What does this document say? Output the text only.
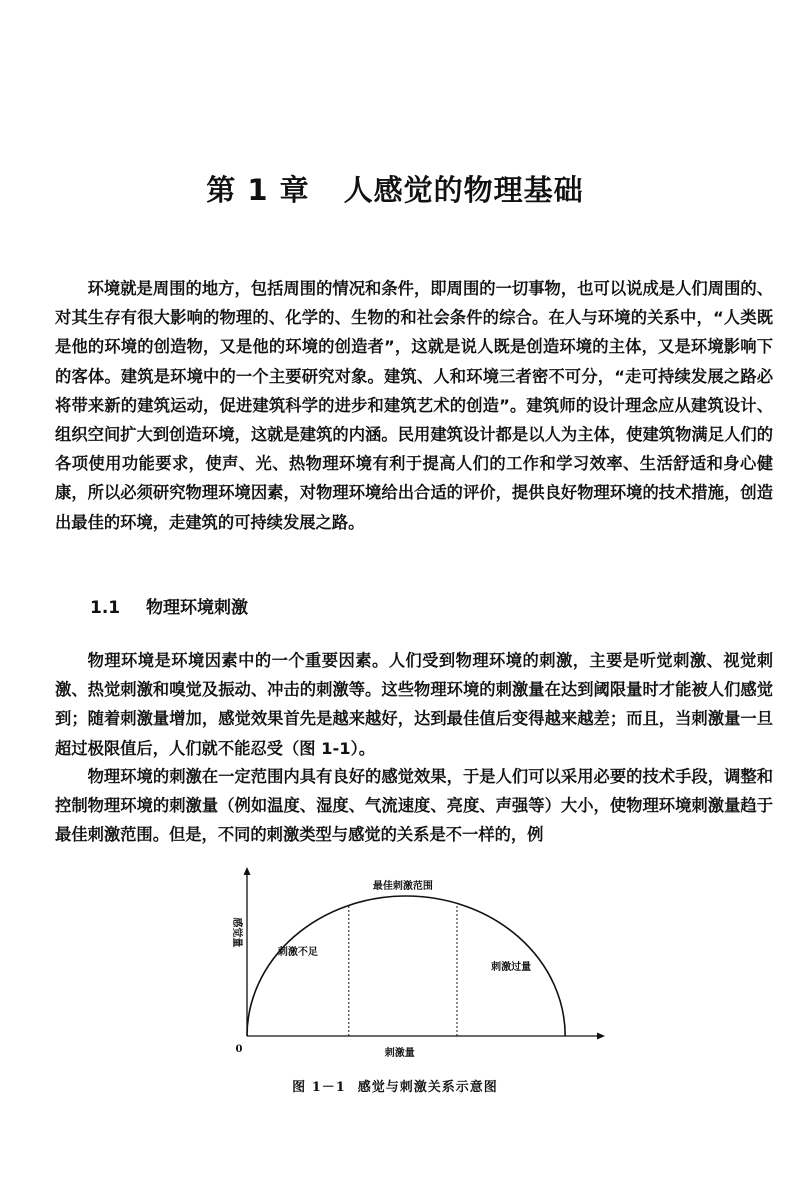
第 1 章 人感觉的物理基础

环境就是周围的地方，包括周围的情况和条件，即周围的一切事物，也可以说成是人们周围的、对其生存有很大影响的物理的、化学的、生物的和社会条件的综合。在人与环境的关系中，“人类既是他的环境的创造物，又是他的环境的创造者”，这就是说人既是创造环境的主体，又是环境影响下的客体。建筑是环境中的一个主要研究对象。建筑、人和环境三者密不可分，“走可持续发展之路必将带来新的建筑运动，促进建筑科学的进步和建筑艺术的创造”。建筑师的设计理念应从建筑设计、组织空间扩大到创造环境，这就是建筑的内涵。民用建筑设计都是以人为主体，使建筑物满足人们的各项使用功能要求，使声、光、热物理环境有利于提高人们的工作和学习效率、生活舒适和身心健康，所以必须研究物理环境因素，对物理环境给出合适的评价，提供良好物理环境的技术措施，创造出最佳的环境，走建筑的可持续发展之路。

1.1 物理环境刺激

物理环境是环境因素中的一个重要因素。人们受到物理环境的刺激，主要是听觉刺激、视觉刺激、热觉刺激和嗅觉及振动、冲击的刺激等。这些物理环境的刺激量在达到阈限量时才能被人们感觉到；随着刺激量增加，感觉效果首先是越来越好，达到最佳值后变得越来越差；而且，当刺激量一旦超过极限值后，人们就不能忍受（图 1-1）。

物理环境的刺激在一定范围内具有良好的感觉效果，于是人们可以采用必要的技术手段，调整和控制物理环境的刺激量（例如温度、湿度、气流速度、亮度、声强等）大小，使物理环境刺激量趋于最佳刺激范围。但是，不同的刺激类型与感觉的关系是不一样的，例

刺激不足
最佳刺激范围
刺激过量
刺激量
0
感觉量
图 1－1 感觉与刺激关系示意图
